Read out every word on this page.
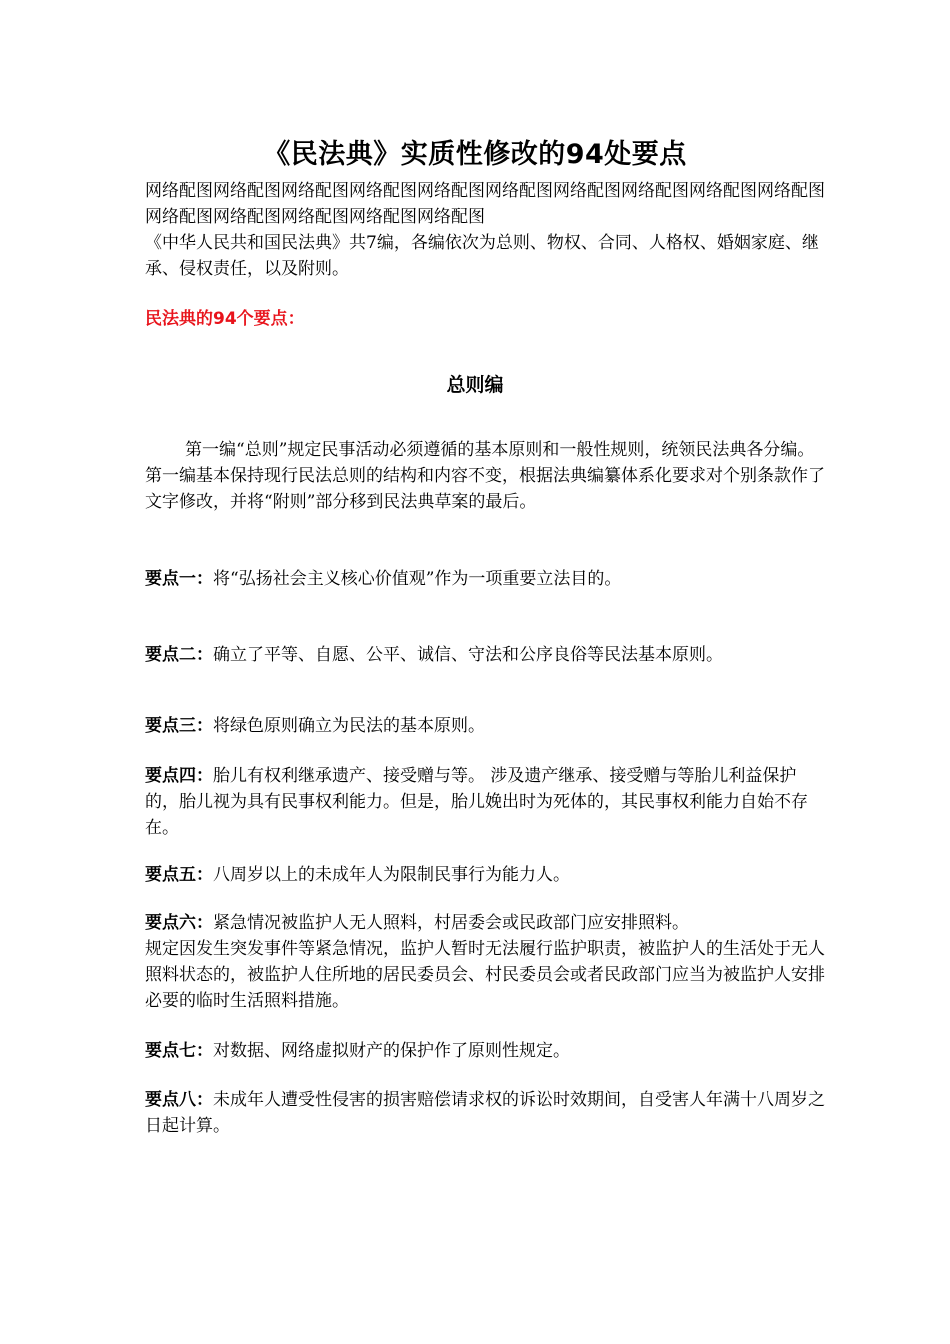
《民法典》实质性修改的94处要点
网络配图网络配图网络配图网络配图网络配图网络配图网络配图网络配图网络配图网络配图网络配图网络配图网络配图网络配图网络配图
《中华人民共和国民法典》共7编，各编依次为总则、物权、合同、人格权、婚姻家庭、继承、侵权责任，以及附则。
民法典的94个要点：
总则编
第一编“总则”规定民事活动必须遵循的基本原则和一般性规则，统领民法典各分编。第一编基本保持现行民法总则的结构和内容不变，根据法典编纂体系化要求对个别条款作了文字修改，并将“附则”部分移到民法典草案的最后。
要点一：将“弘扬社会主义核心价值观”作为一项重要立法目的。
要点二：确立了平等、自愿、公平、诚信、守法和公序良俗等民法基本原则。
要点三：将绿色原则确立为民法的基本原则。
要点四：胎儿有权利继承遗产、接受赠与等。 涉及遗产继承、接受赠与等胎儿利益保护的，胎儿视为具有民事权利能力。但是，胎儿娩出时为死体的，其民事权利能力自始不存在。
要点五：八周岁以上的未成年人为限制民事行为能力人。
要点六：紧急情况被监护人无人照料，村居委会或民政部门应安排照料。
规定因发生突发事件等紧急情况，监护人暂时无法履行监护职责，被监护人的生活处于无人照料状态的，被监护人住所地的居民委员会、村民委员会或者民政部门应当为被监护人安排必要的临时生活照料措施。
要点七：对数据、网络虚拟财产的保护作了原则性规定。
要点八：未成年人遭受性侵害的损害赔偿请求权的诉讼时效期间，自受害人年满十八周岁之日起计算。
